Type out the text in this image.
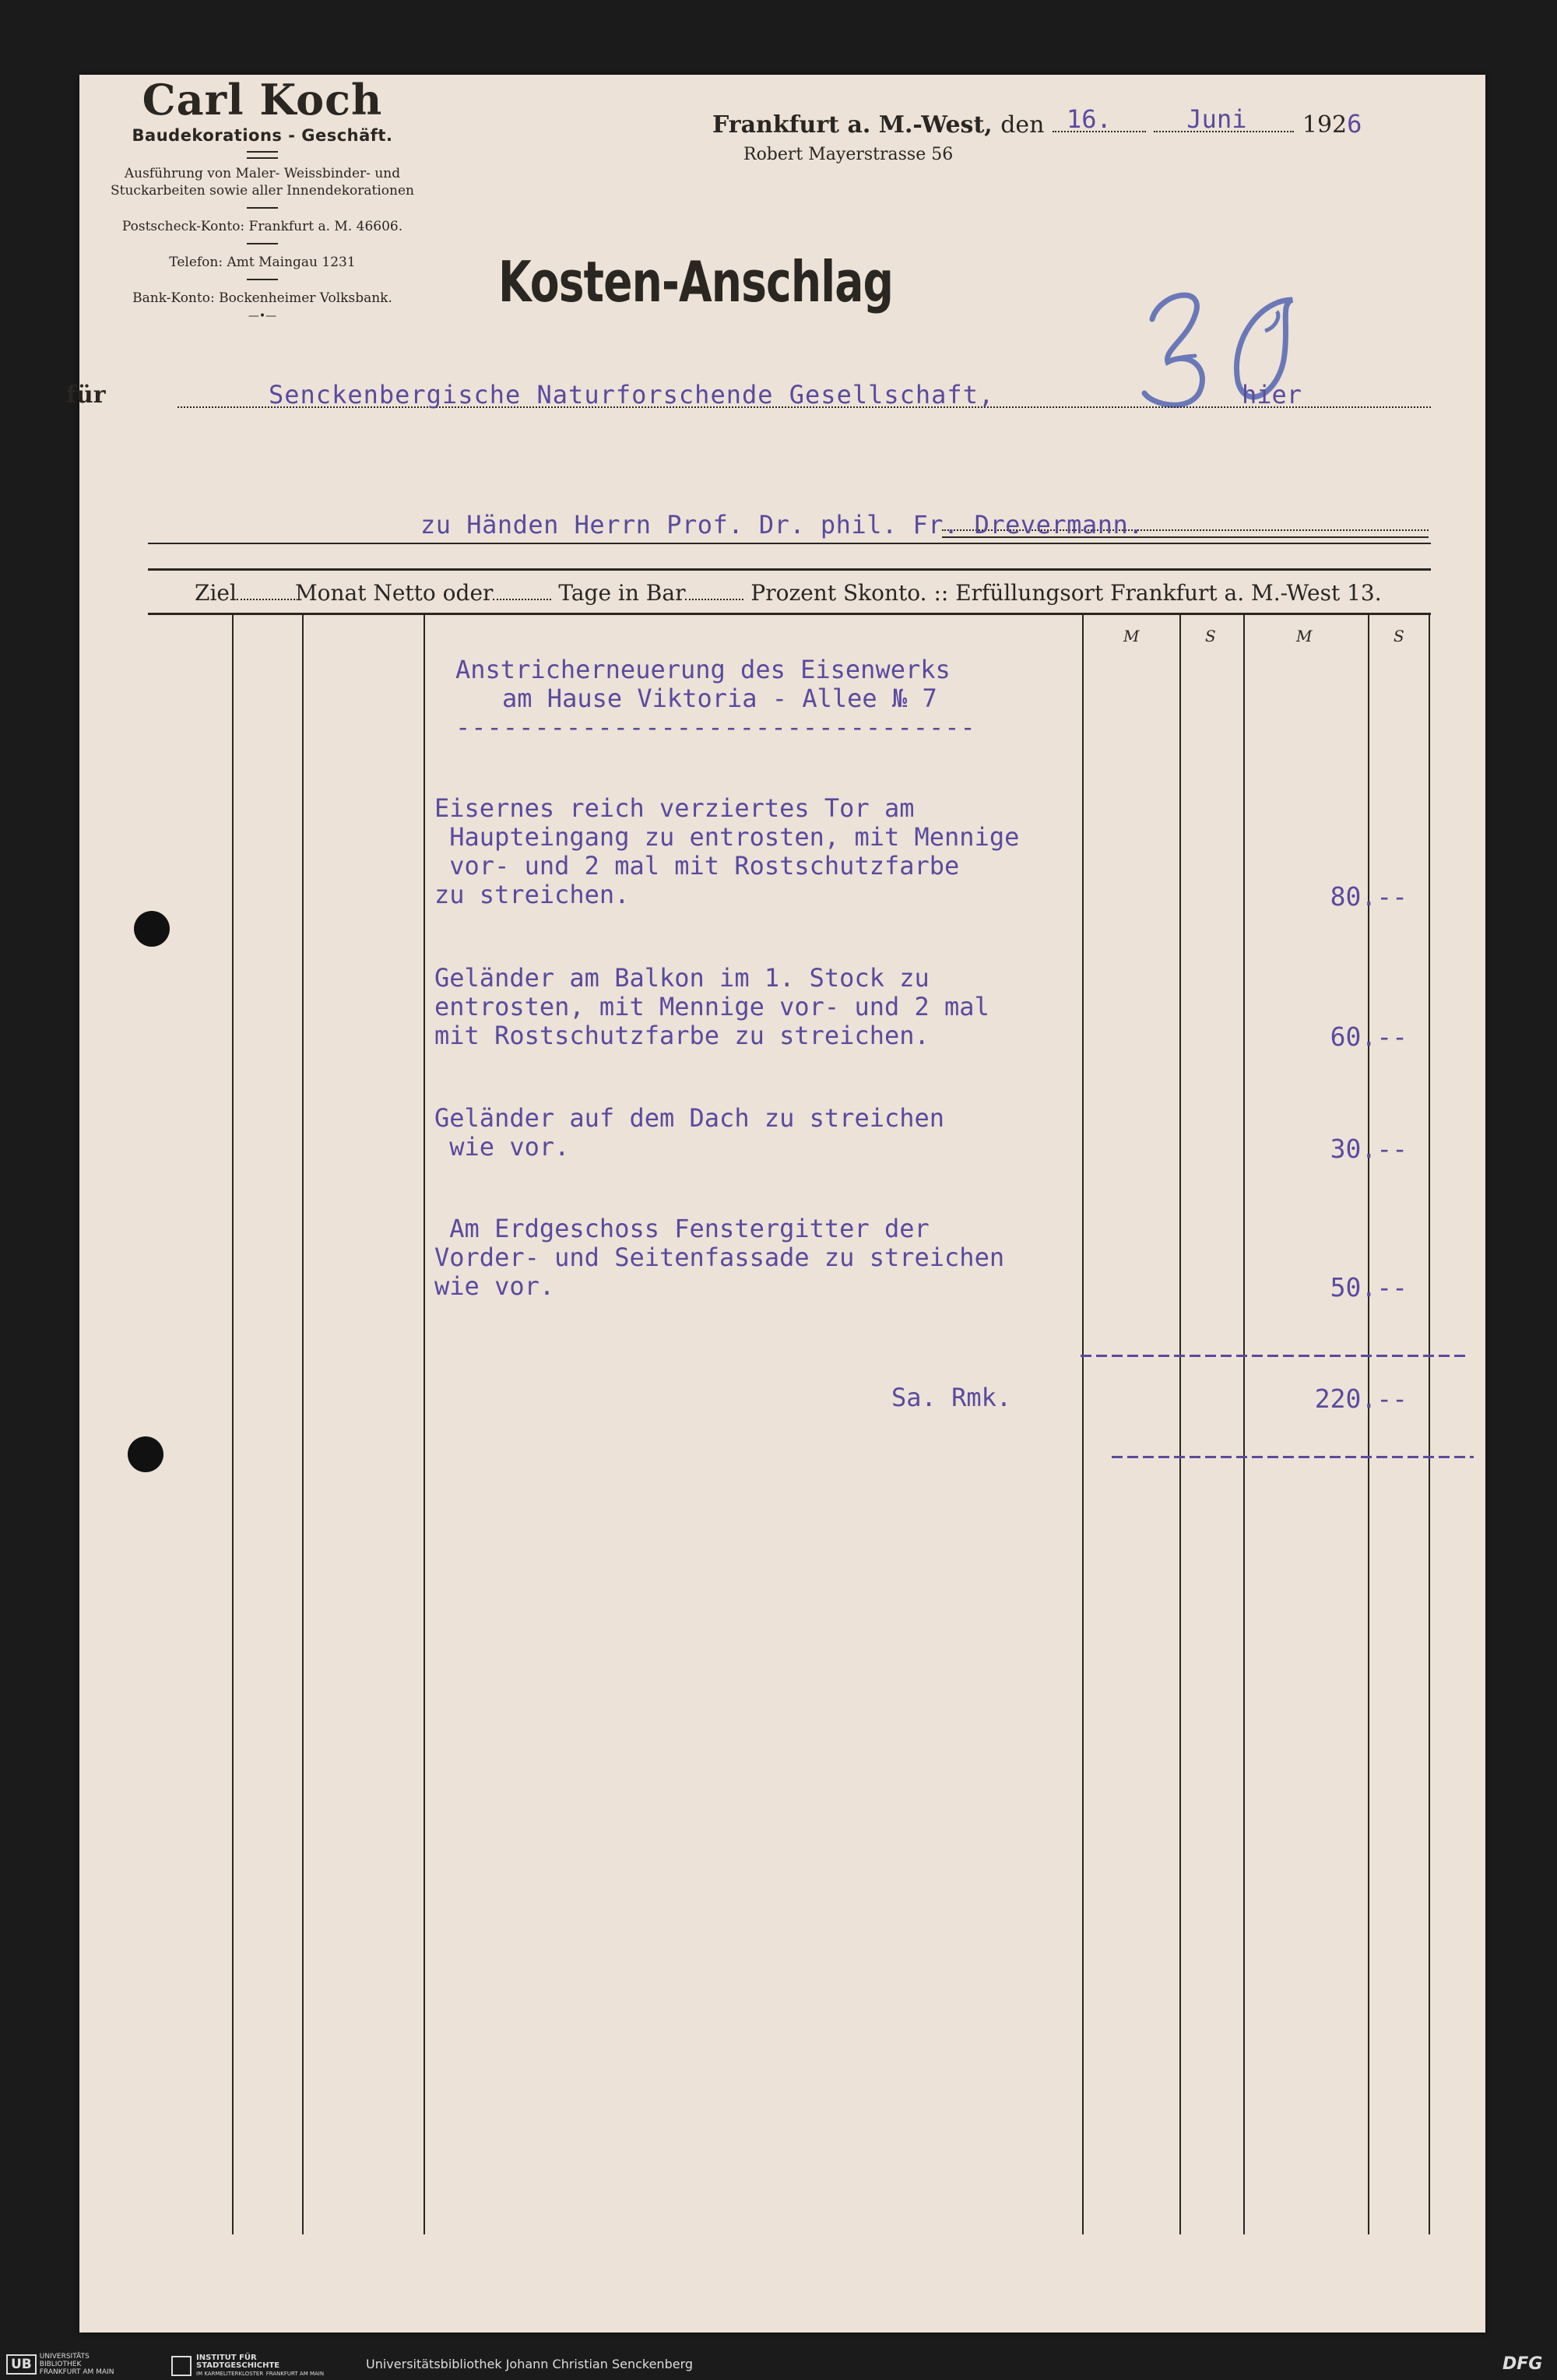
Carl Koch
Baudekorations - Geschäft.
Ausführung von Maler- Weissbinder- und
Stuckarbeiten sowie aller Innendekorationen
Postscheck-Konto: Frankfurt a. M. 46606.
Telefon: Amt Maingau 1231
Bank-Konto: Bockenheimer Volksbank.
—•—
Frankfurt a. M.-West, den 16.
	Juni 1926
Robert Mayerstrasse 56
Kosten-Anschlag
für	Senckenbergische Naturforschende Gesellschaft,	hier
zu Händen Herrn Prof. Dr. phil. Fr. Drevermann.
Ziel	Monat Netto oder	Tage in Bar	Prozent Skonto. :: Erfüllungsort Frankfurt a. M.-West 13.
M	S	M	S
Anstricherneuerung des Eisenwerks
am Hause Viktoria - Allee № 7
---------------------------------
Eisernes reich verziertes Tor am
Haupteingang zu entrosten, mit Mennige
vor- und 2 mal mit Rostschutzfarbe
zu streichen.	80.--
Geländer am Balkon im 1. Stock zu
entrosten, mit Mennige vor- und 2 mal
mit Rostschutzfarbe zu streichen.	60.--
Geländer auf dem Dach zu streichen
wie vor.	30.--
Am Erdgeschoss Fenstergitter der
Vorder- und Seitenfassade zu streichen
wie vor.	50.--
Sa. Rmk.	220.--
UB	UNIVERSITÄTS
BIBLIOTHEK
FRANKFURT AM MAIN
INSTITUT FÜR
STADTGESCHICHTE
IM KARMELITERKLOSTER FRANKFURT AM MAIN
Universitätsbibliothek Johann Christian Senckenberg	DFG
